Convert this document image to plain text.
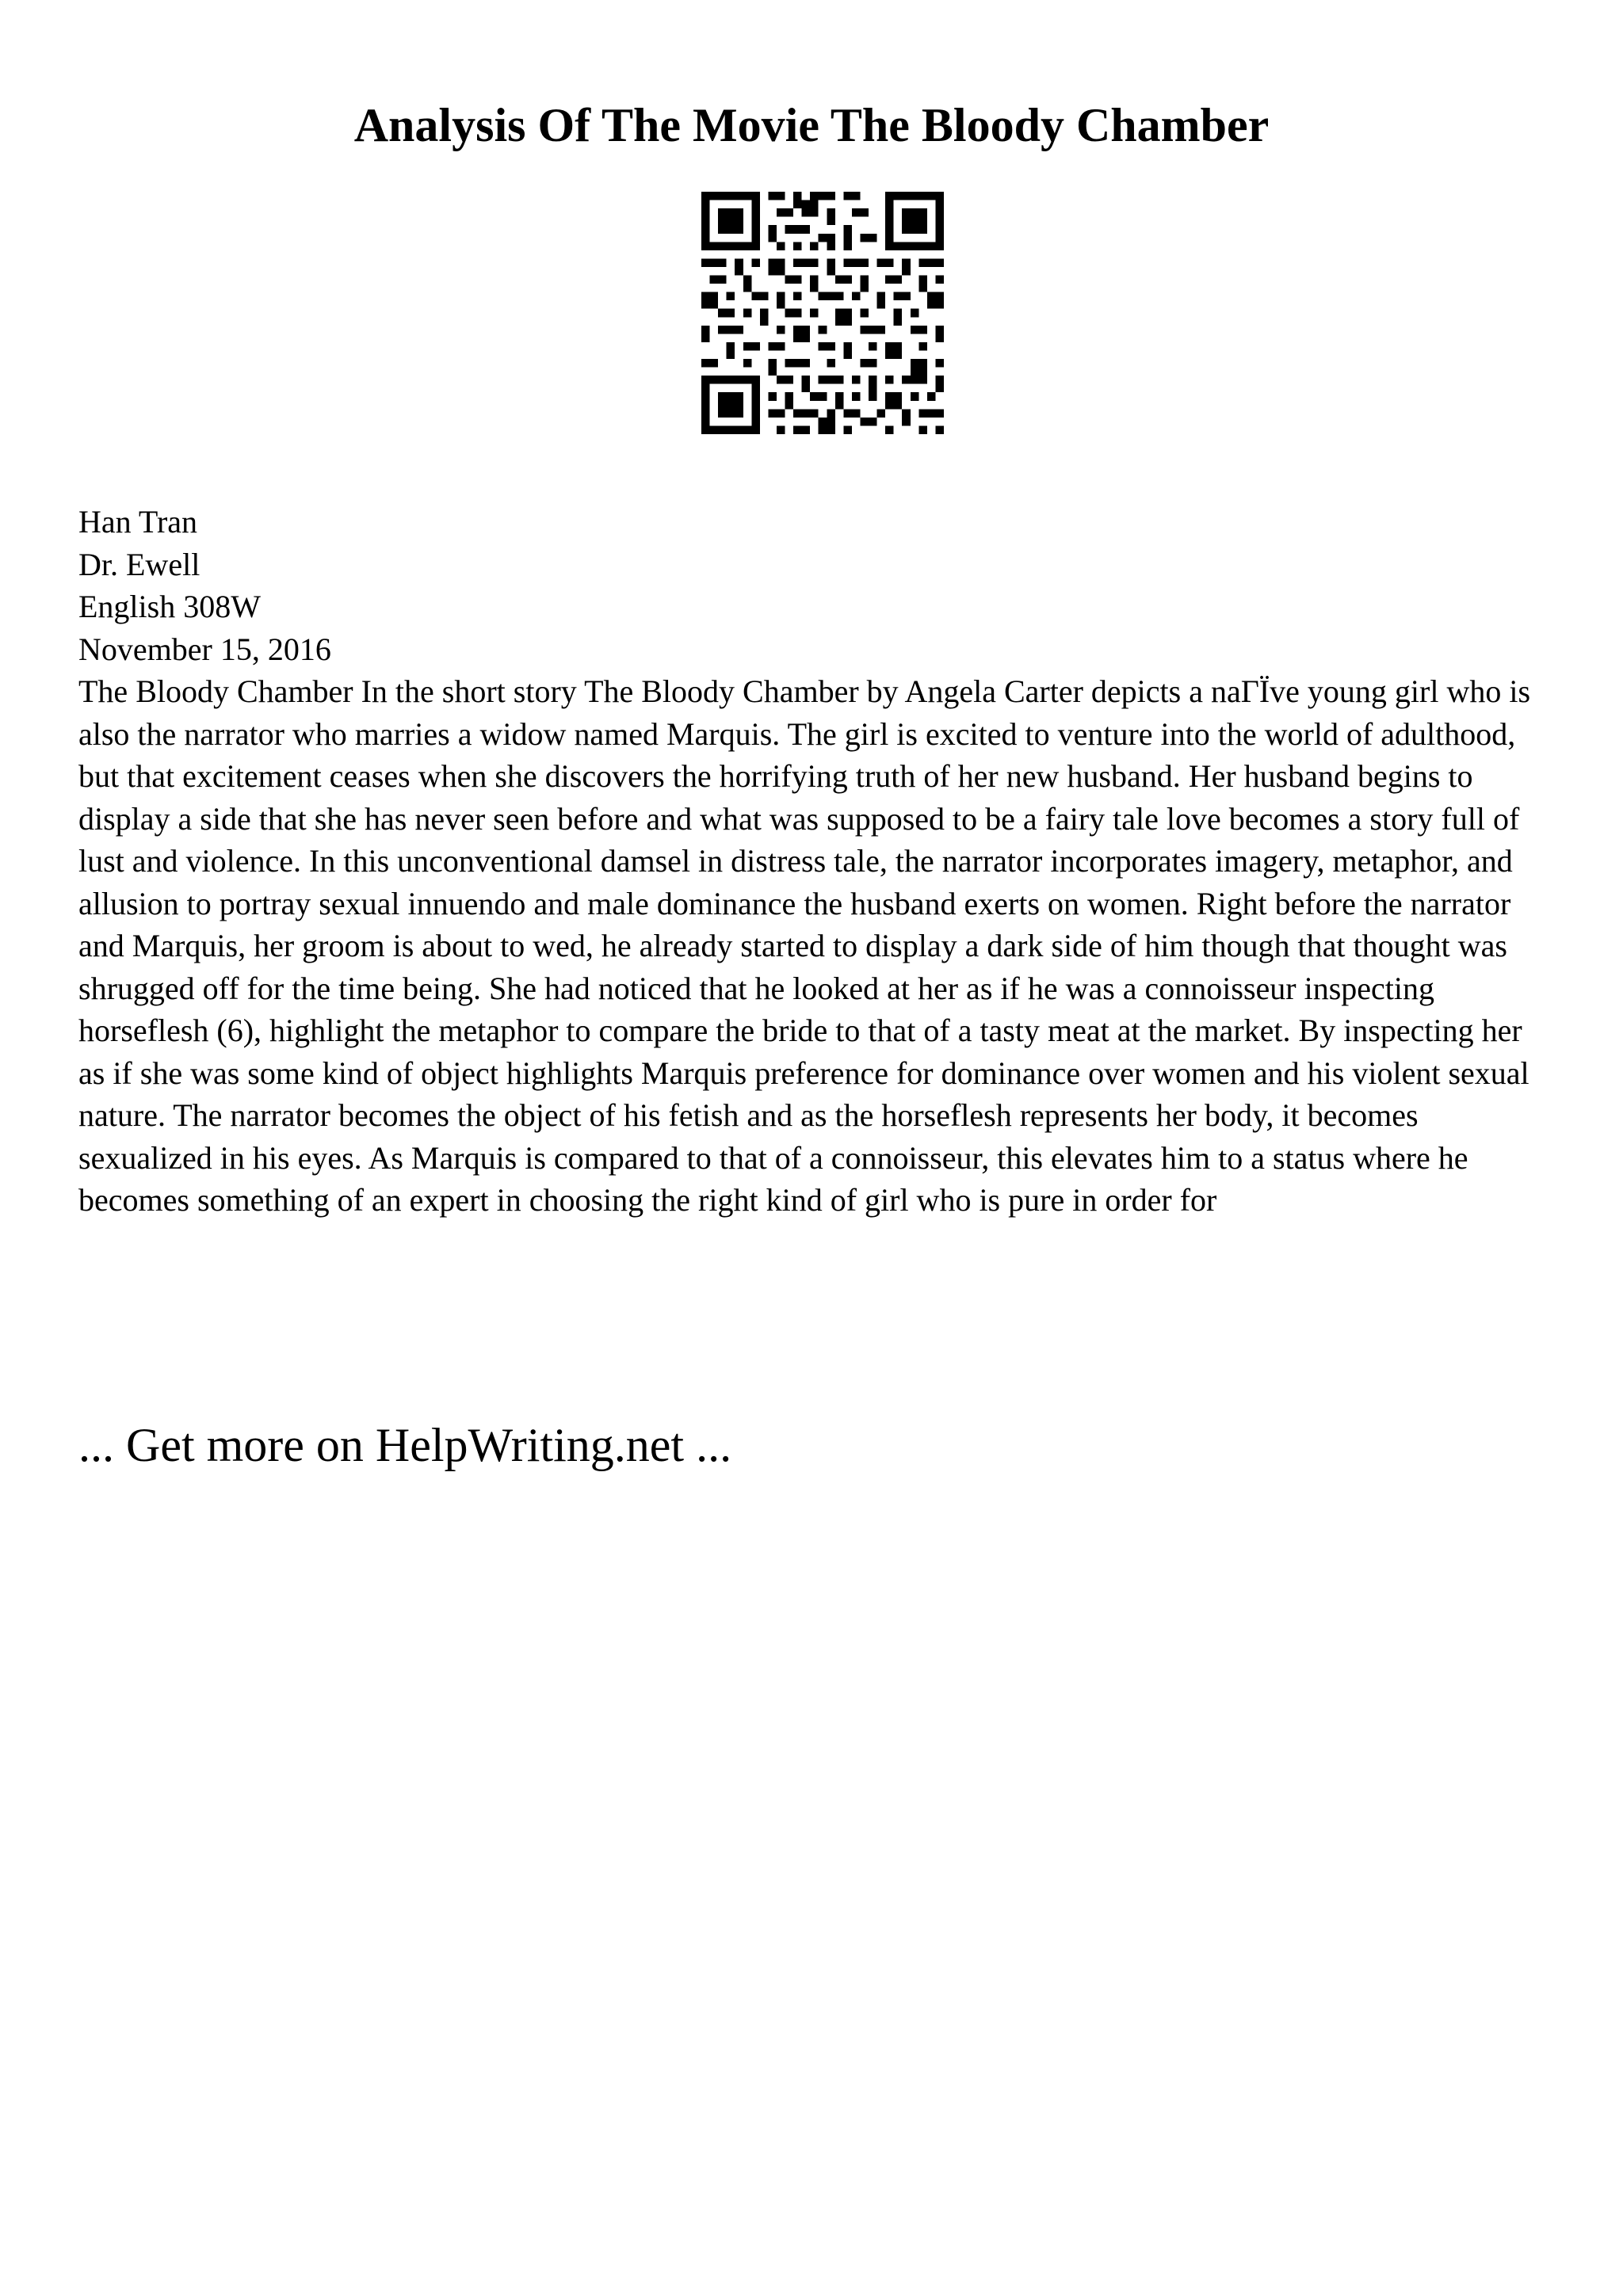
Analysis Of The Movie The Bloody Chamber
Han Tran
Dr. Ewell
English 308W
November 15, 2016

The Bloody Chamber In the short story The Bloody Chamber by Angela Carter depicts a naГЇve young girl who is also the narrator who marries a widow named Marquis. The girl is excited to venture into the world of adulthood, but that excitement ceases when she discovers the horrifying truth of her new husband. Her husband begins to display a side that she has never seen before and what was supposed to be a fairy tale love becomes a story full of lust and violence. In this unconventional damsel in distress tale, the narrator incorporates imagery, metaphor, and allusion to portray sexual innuendo and male dominance the husband exerts on women. Right before the narrator and Marquis, her groom is about to wed, he already started to display a dark side of him though that thought was shrugged off for the time being. She had noticed that he looked at her as if he was a connoisseur inspecting horseflesh (6), highlight the metaphor to compare the bride to that of a tasty meat at the market. By inspecting her as if she was some kind of object highlights Marquis preference for dominance over women and his violent sexual nature. The narrator becomes the object of his fetish and as the horseflesh represents her body, it becomes sexualized in his eyes. As Marquis is compared to that of a connoisseur, this elevates him to a status where he becomes something of an expert in choosing the right kind of girl who is pure in order for

... Get more on HelpWriting.net ...
